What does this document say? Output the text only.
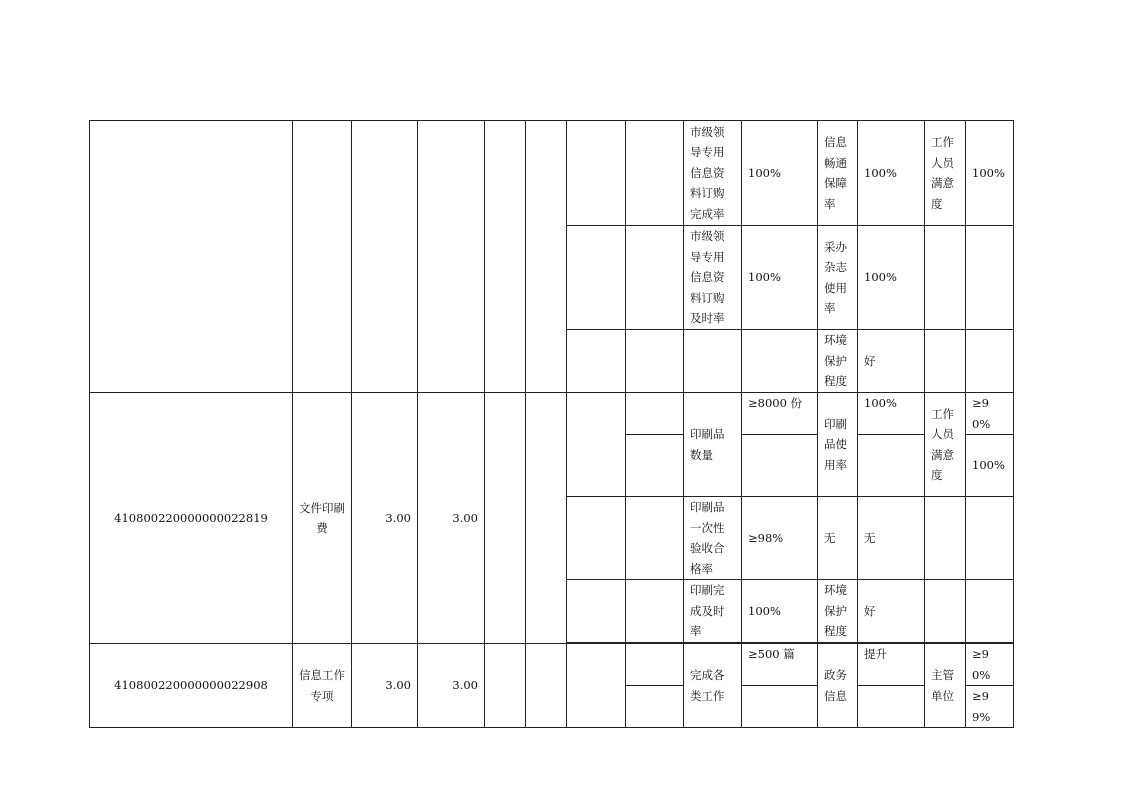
								市级领导专用信息资料订购完成率	100%	信息畅通保障率	100%	工作人员满意度	100%
								市级领导专用信息资料订购及时率	100%	采办杂志使用率	100%		
										环境保护程度	好		
410800220000000022819	文件印刷费	3.00	3.00					印刷品数量	≥8000 份	印刷品使用率	100%	工作人员满意度	≥90%
													100%
								印刷品一次性验收合格率	≥98%	无	无		
								印刷完成及时率	100%	环境保护程度	好		

410800220000000022908	信息工作专项	3.00	3.00					完成各类工作	≥500 篇	政务信息	提升	主管单位	≥90%
													≥99%
